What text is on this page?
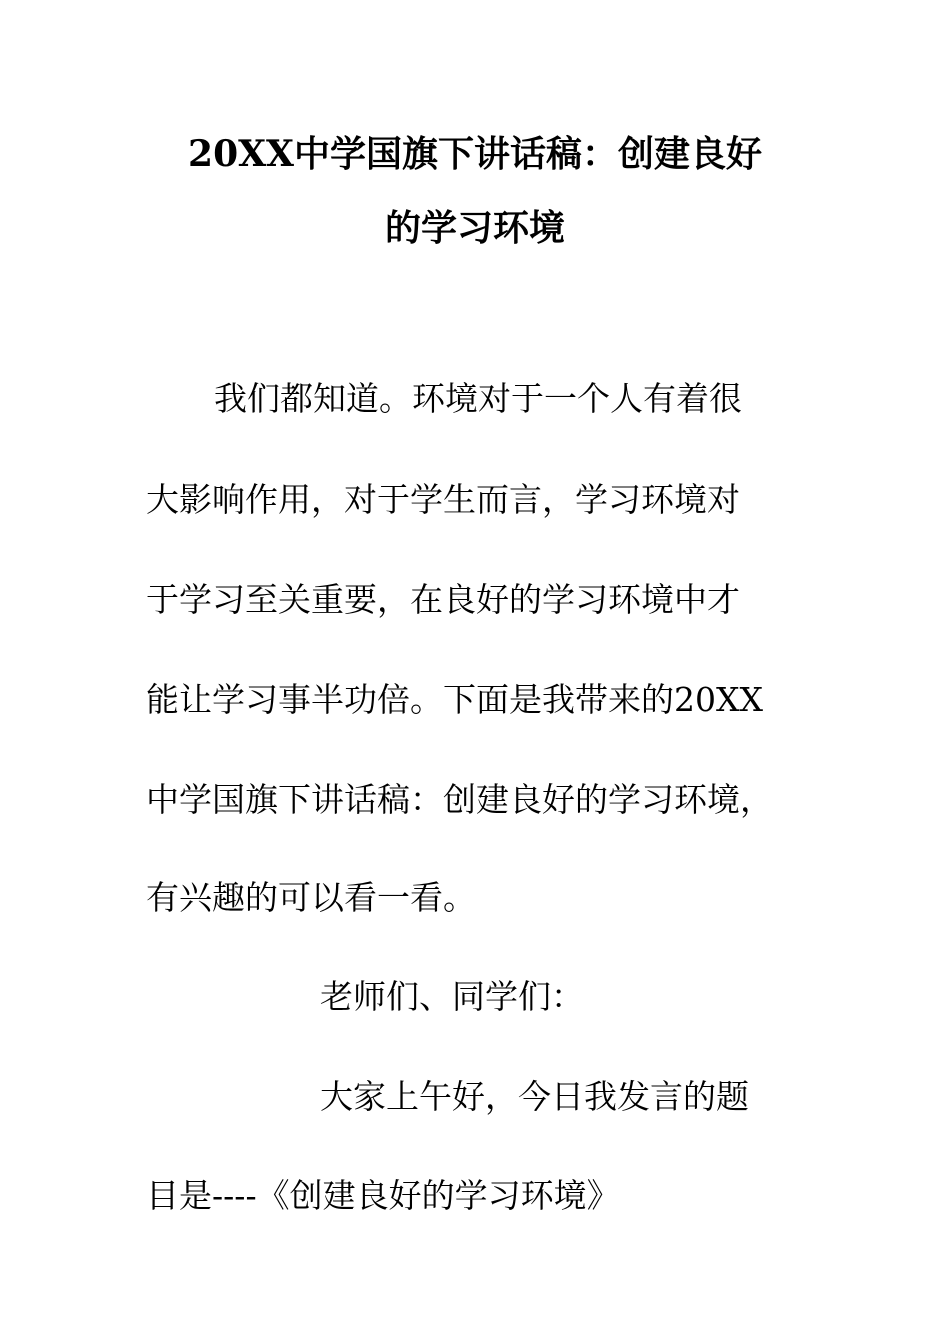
20XX中学国旗下讲话稿：创建良好
的学习环境
我们都知道。环境对于一个人有着很
大影响作用，对于学生而言，学习环境对
于学习至关重要，在良好的学习环境中才
能让学习事半功倍。下面是我带来的20XX
中学国旗下讲话稿：创建良好的学习环境，
有兴趣的可以看一看。
老师们、同学们：
大家上午好，今日我发言的题
目是----《创建良好的学习环境》
